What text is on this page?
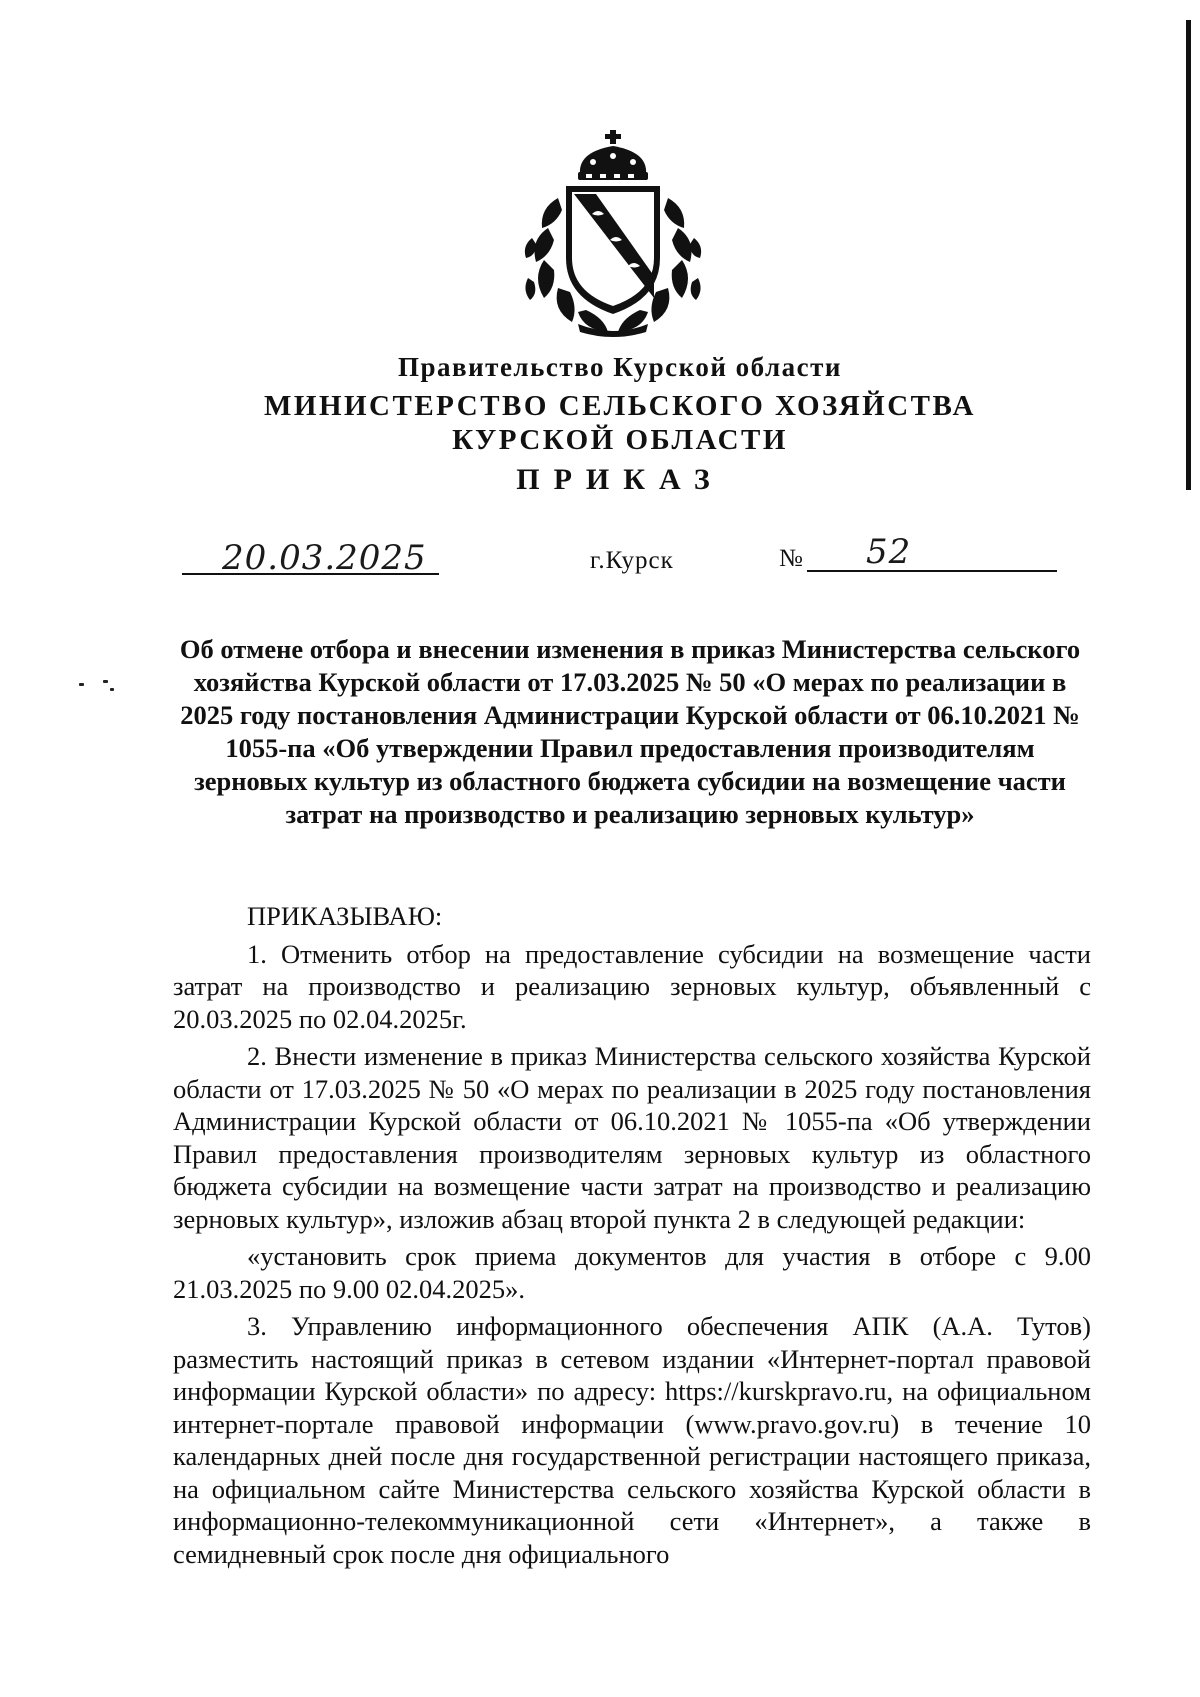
Правительство Курской области
МИНИСТЕРСТВО СЕЛЬСКОГО ХОЗЯЙСТВА
КУРСКОЙ ОБЛАСТИ
ПРИКАЗ
20.03.2025	г.Курск	№ 52
Об отмене отбора и внесении изменения в приказ Министерства сельского хозяйства Курской области от 17.03.2025 № 50 «О мерах по реализации в 2025 году постановления Администрации Курской области от 06.10.2021 № 1055-па «Об утверждении Правил предоставления производителям зерновых культур из областного бюджета субсидии на возмещение части затрат на производство и реализацию зерновых культур»

ПРИКАЗЫВАЮ:

1. Отменить отбор на предоставление субсидии на возмещение части затрат на производство и реализацию зерновых культур, объявленный с 20.03.2025 по 02.04.2025г.

2. Внести изменение в приказ Министерства сельского хозяйства Курской области от 17.03.2025 № 50 «О мерах по реализации в 2025 году постановления Администрации Курской области от 06.10.2021 № 1055-па «Об утверждении Правил предоставления производителям зерновых культур из областного бюджета субсидии на возмещение части затрат на производство и реализацию зерновых культур», изложив абзац второй пункта 2 в следующей редакции:

«установить срок приема документов для участия в отборе с 9.00 21.03.2025 по 9.00 02.04.2025».

3. Управлению информационного обеспечения АПК (А.А. Тутов) разместить настоящий приказ в сетевом издании «Интернет-портал правовой информации Курской области» по адресу: https://kurskpravo.ru, на официальном интернет-портале правовой информации (www.pravo.gov.ru) в течение 10 календарных дней после дня государственной регистрации настоящего приказа, на официальном сайте Министерства сельского хозяйства Курской области в информационно-телекоммуникационной сети «Интернет», а также в семидневный срок после дня официального
